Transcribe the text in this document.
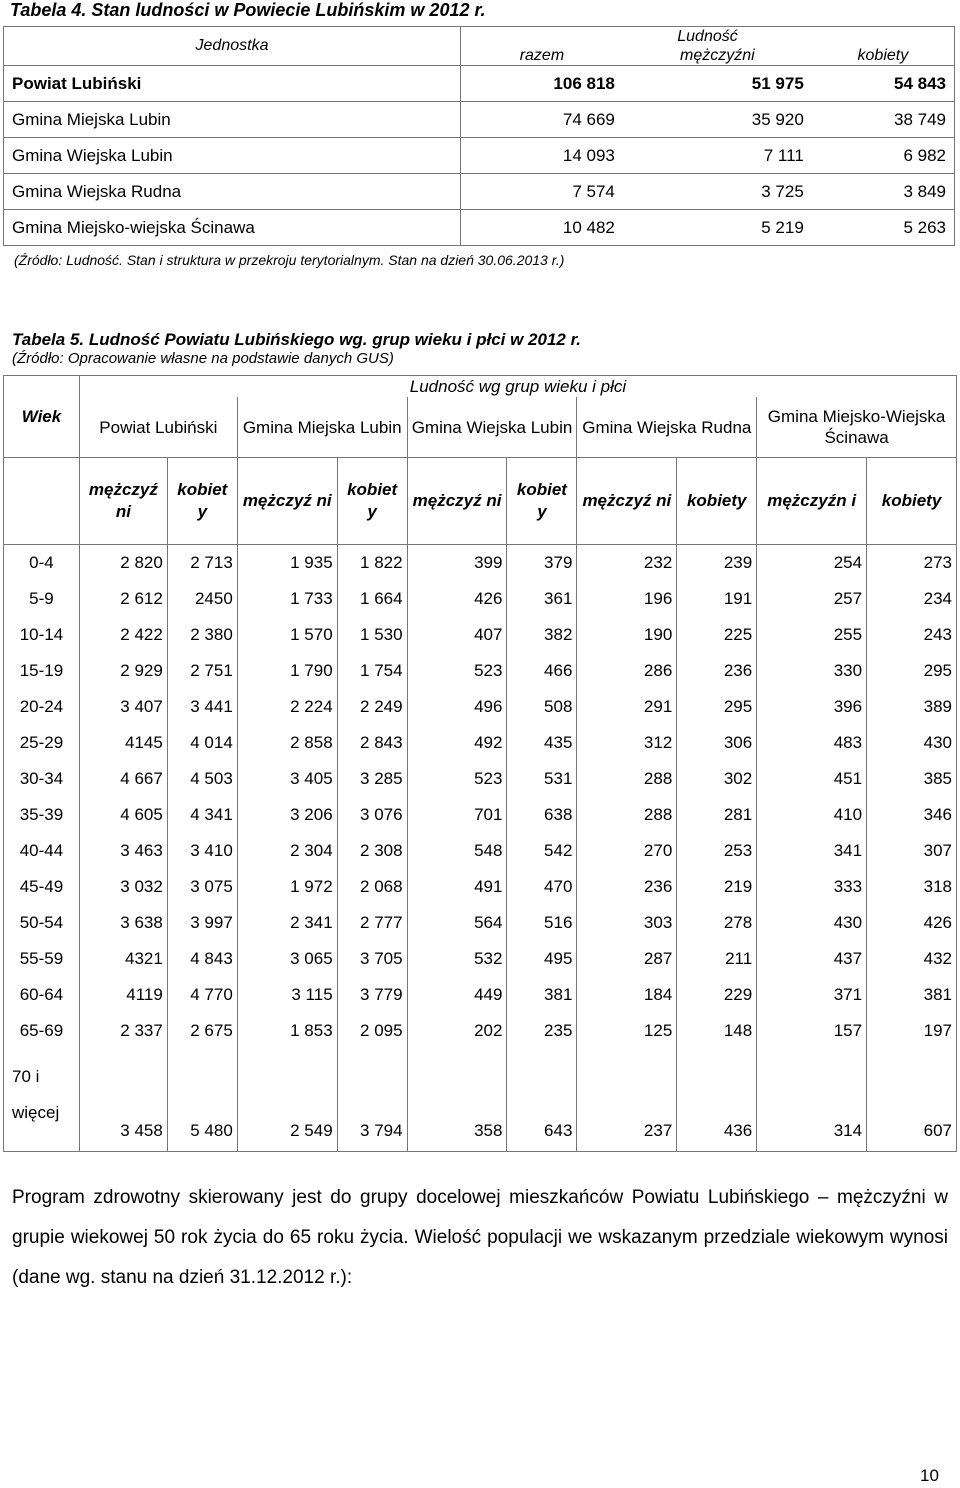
Tabela 4. Stan ludności w Powiecie Lubińskim w 2012 r.
Jednostka	Ludność		
	razem	mężczyźni	kobiety
Powiat Lubiński	106 818	51 975	54 843
Gmina Miejska Lubin	74 669	35 920	38 749
Gmina Wiejska Lubin	14 093	7 111	6 982
Gmina Wiejska Rudna	7 574	3 725	3 849
Gmina Miejsko-wiejska Ścinawa	10 482	5 219	5 263
(Źródło: Ludność. Stan i struktura w przekroju terytorialnym. Stan na dzień 30.06.2013 r.)
Tabela 5. Ludność Powiatu Lubińskiego wg. grup wieku i płci w 2012 r.
(Źródło: Opracowanie własne na podstawie danych GUS)
Wiek	Ludność wg grup wieku i płci									
	Powiat Lubiński		Gmina Miejska Lubin		Gmina Wiejska Lubin		Gmina Wiejska Rudna		Gmina Miejsko-Wiejska Ścinawa	
	mężczyź ni	kobiet y	mężczyź ni	kobiet y	mężczyź ni	kobiet y	mężczyź ni	kobiety	mężczyźn i	kobiety
0-4	2 820	2 713	1 935	1 822	399	379	232	239	254	273
5-9	2 612	2450	1 733	1 664	426	361	196	191	257	234
10-14	2 422	2 380	1 570	1 530	407	382	190	225	255	243
15-19	2 929	2 751	1 790	1 754	523	466	286	236	330	295
20-24	3 407	3 441	2 224	2 249	496	508	291	295	396	389
25-29	4145	4 014	2 858	2 843	492	435	312	306	483	430
30-34	4 667	4 503	3 405	3 285	523	531	288	302	451	385
35-39	4 605	4 341	3 206	3 076	701	638	288	281	410	346
40-44	3 463	3 410	2 304	2 308	548	542	270	253	341	307
45-49	3 032	3 075	1 972	2 068	491	470	236	219	333	318
50-54	3 638	3 997	2 341	2 777	564	516	303	278	430	426
55-59	4321	4 843	3 065	3 705	532	495	287	211	437	432
60-64	4119	4 770	3 115	3 779	449	381	184	229	371	381
65-69	2 337	2 675	1 853	2 095	202	235	125	148	157	197
70 i
więcej	3 458	5 480	2 549	3 794	358	643	237	436	314	607
Program zdrowotny skierowany jest do grupy docelowej mieszkańców Powiatu Lubińskiego – mężczyźni w grupie wiekowej 50 rok życia do 65 roku życia. Wielość populacji we wskazanym przedziale wiekowym wynosi (dane wg. stanu na dzień 31.12.2012 r.):
10
